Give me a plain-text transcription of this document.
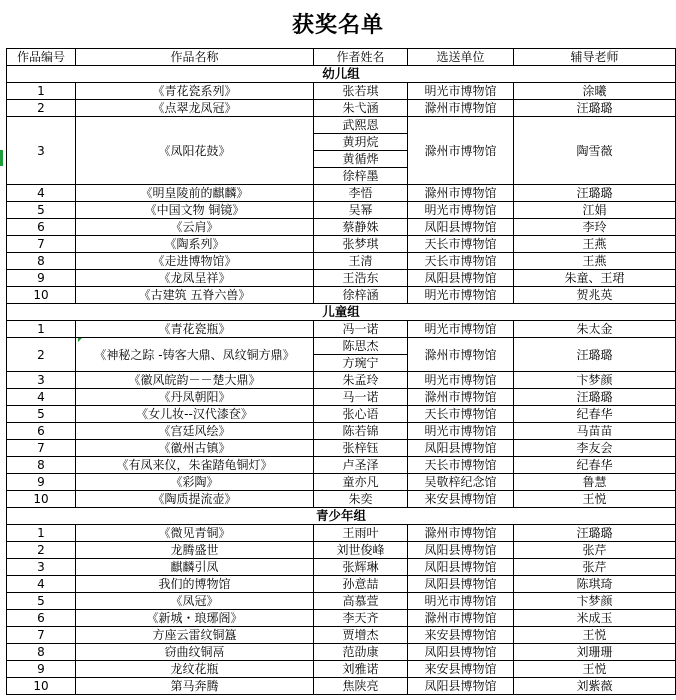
获奖名单
作品编号	作品名称	作者姓名	选送单位	辅导老师
幼儿组				
1	《青花瓷系列》	张若琪	明光市博物馆	涂曦
2	《点翠龙凤冠》	朱弋涵	滁州市博物馆	汪璐璐
3	《凤阳花鼓》	武熙恩	滁州市博物馆	陶雪薇
		黄玥烷		
		黄循烨		
		徐梓墨		
4	《明皇陵前的麒麟》	李悟	滁州市博物馆	汪璐璐
5	《中国文物 铜镜》	吴幂	明光市博物馆	江娟
6	《云肩》	蔡静姝	凤阳县博物馆	李玲
7	《陶系列》	张梦琪	天长市博物馆	王燕
8	《走进博物馆》	王清	天长市博物馆	王燕
9	《龙凤呈祥》	王浩东	凤阳县博物馆	朱童、王珺
10	《古建筑 五脊六兽》	徐梓涵	明光市博物馆	贺兆英
儿童组				
1	《青花瓷瓶》	冯一诺	明光市博物馆	朱太金
2	《神秘之踪 -铸客大鼎、凤纹铜方鼎》	陈思杰	滁州市博物馆	汪璐璐
		方琬宁		
3	《徽风皖韵－－楚大鼎》	朱孟玲	明光市博物馆	卞梦颜
4	《丹凤朝阳》	马一诺	滁州市博物馆	汪璐璐
5	《女儿妆--汉代漆奁》	张心语	天长市博物馆	纪春华
6	《宫廷风绘》	陈若锦	明光市博物馆	马苗苗
7	《徽州古镇》	张梓钰	凤阳县博物馆	李友会
8	《有凤来仪，朱雀踏龟铜灯》	卢圣泽	天长市博物馆	纪春华
9	《彩陶》	童亦凡	吴敬梓纪念馆	鲁慧
10	《陶质提流壶》	朱奕	来安县博物馆	王悦
青少年组				
1	《微见青铜》	王雨叶	滁州市博物馆	汪璐璐
2	龙腾盛世	刘世俊峰	凤阳县博物馆	张芹
3	麒麟引凤	张辉琳	凤阳县博物馆	张芹
4	我们的博物馆	孙意喆	凤阳县博物馆	陈琪琦
5	《凤冠》	高慕萱	明光市博物馆	卞梦颜
6	《新城・琅琊阁》	李天齐	滁州市博物馆	米成玉
7	方座云雷纹铜簋	贾增杰	来安县博物馆	王悦
8	窃曲纹铜鬲	范劭康	凤阳县博物馆	刘珊珊
9	龙纹花瓶	刘雅诺	来安县博物馆	王悦
10	第马奔腾	焦陕亮	凤阳县博物馆	刘紫薇
